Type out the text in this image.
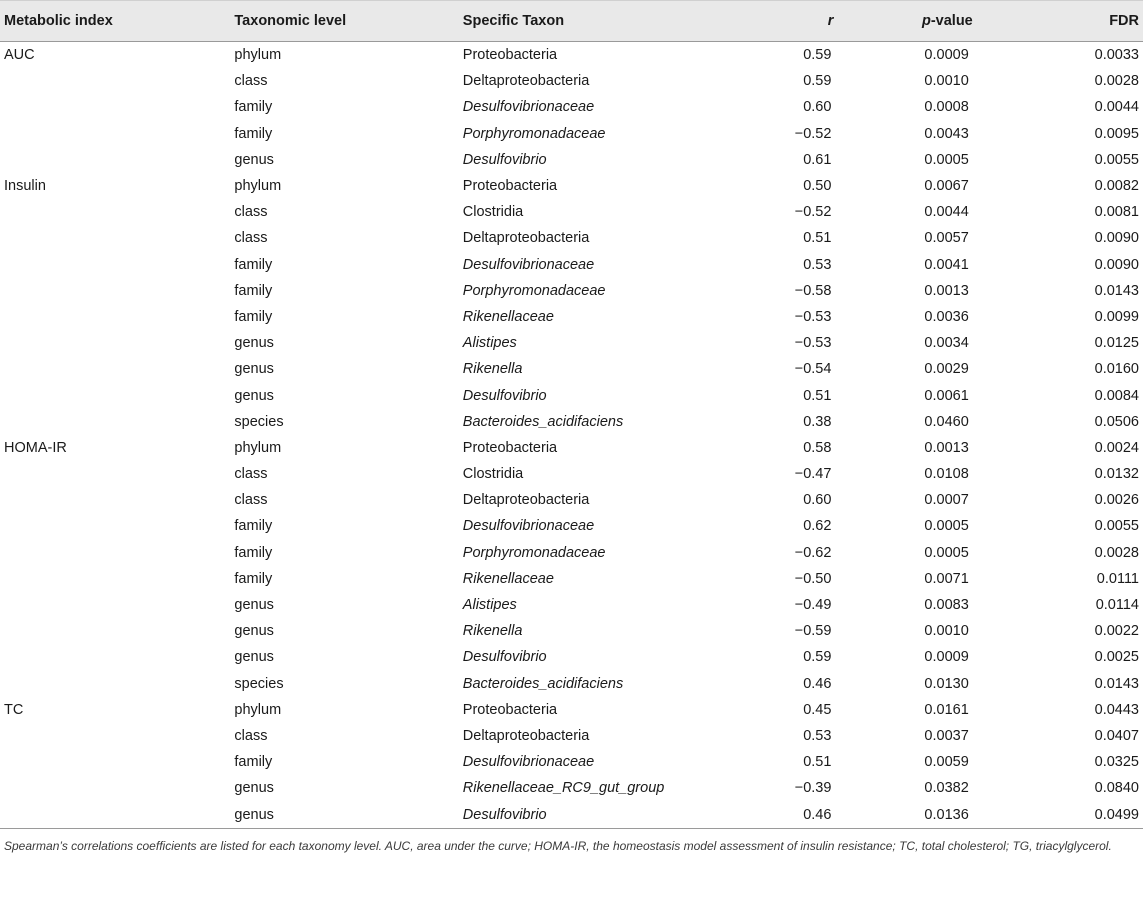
Metabolic index	Taxonomic level	Specific Taxon	r	p-value	FDR
AUC	phylum	Proteobacteria	0.59	0.0009	0.0033
	class	Deltaproteobacteria	0.59	0.0010	0.0028
	family	Desulfovibrionaceae	0.60	0.0008	0.0044
	family	Porphyromonadaceae	−0.52	0.0043	0.0095
	genus	Desulfovibrio	0.61	0.0005	0.0055
Insulin	phylum	Proteobacteria	0.50	0.0067	0.0082
	class	Clostridia	−0.52	0.0044	0.0081
	class	Deltaproteobacteria	0.51	0.0057	0.0090
	family	Desulfovibrionaceae	0.53	0.0041	0.0090
	family	Porphyromonadaceae	−0.58	0.0013	0.0143
	family	Rikenellaceae	−0.53	0.0036	0.0099
	genus	Alistipes	−0.53	0.0034	0.0125
	genus	Rikenella	−0.54	0.0029	0.0160
	genus	Desulfovibrio	0.51	0.0061	0.0084
	species	Bacteroides_acidifaciens	0.38	0.0460	0.0506
HOMA-IR	phylum	Proteobacteria	0.58	0.0013	0.0024
	class	Clostridia	−0.47	0.0108	0.0132
	class	Deltaproteobacteria	0.60	0.0007	0.0026
	family	Desulfovibrionaceae	0.62	0.0005	0.0055
	family	Porphyromonadaceae	−0.62	0.0005	0.0028
	family	Rikenellaceae	−0.50	0.0071	0.0111
	genus	Alistipes	−0.49	0.0083	0.0114
	genus	Rikenella	−0.59	0.0010	0.0022
	genus	Desulfovibrio	0.59	0.0009	0.0025
	species	Bacteroides_acidifaciens	0.46	0.0130	0.0143
TC	phylum	Proteobacteria	0.45	0.0161	0.0443
	class	Deltaproteobacteria	0.53	0.0037	0.0407
	family	Desulfovibrionaceae	0.51	0.0059	0.0325
	genus	Rikenellaceae_RC9_gut_group	−0.39	0.0382	0.0840
	genus	Desulfovibrio	0.46	0.0136	0.0499
Spearman’s correlations coefficients are listed for each taxonomy level. AUC, area under the curve; HOMA-IR, the homeostasis model assessment of insulin resistance; TC, total cholesterol; TG, triacylglycerol.
